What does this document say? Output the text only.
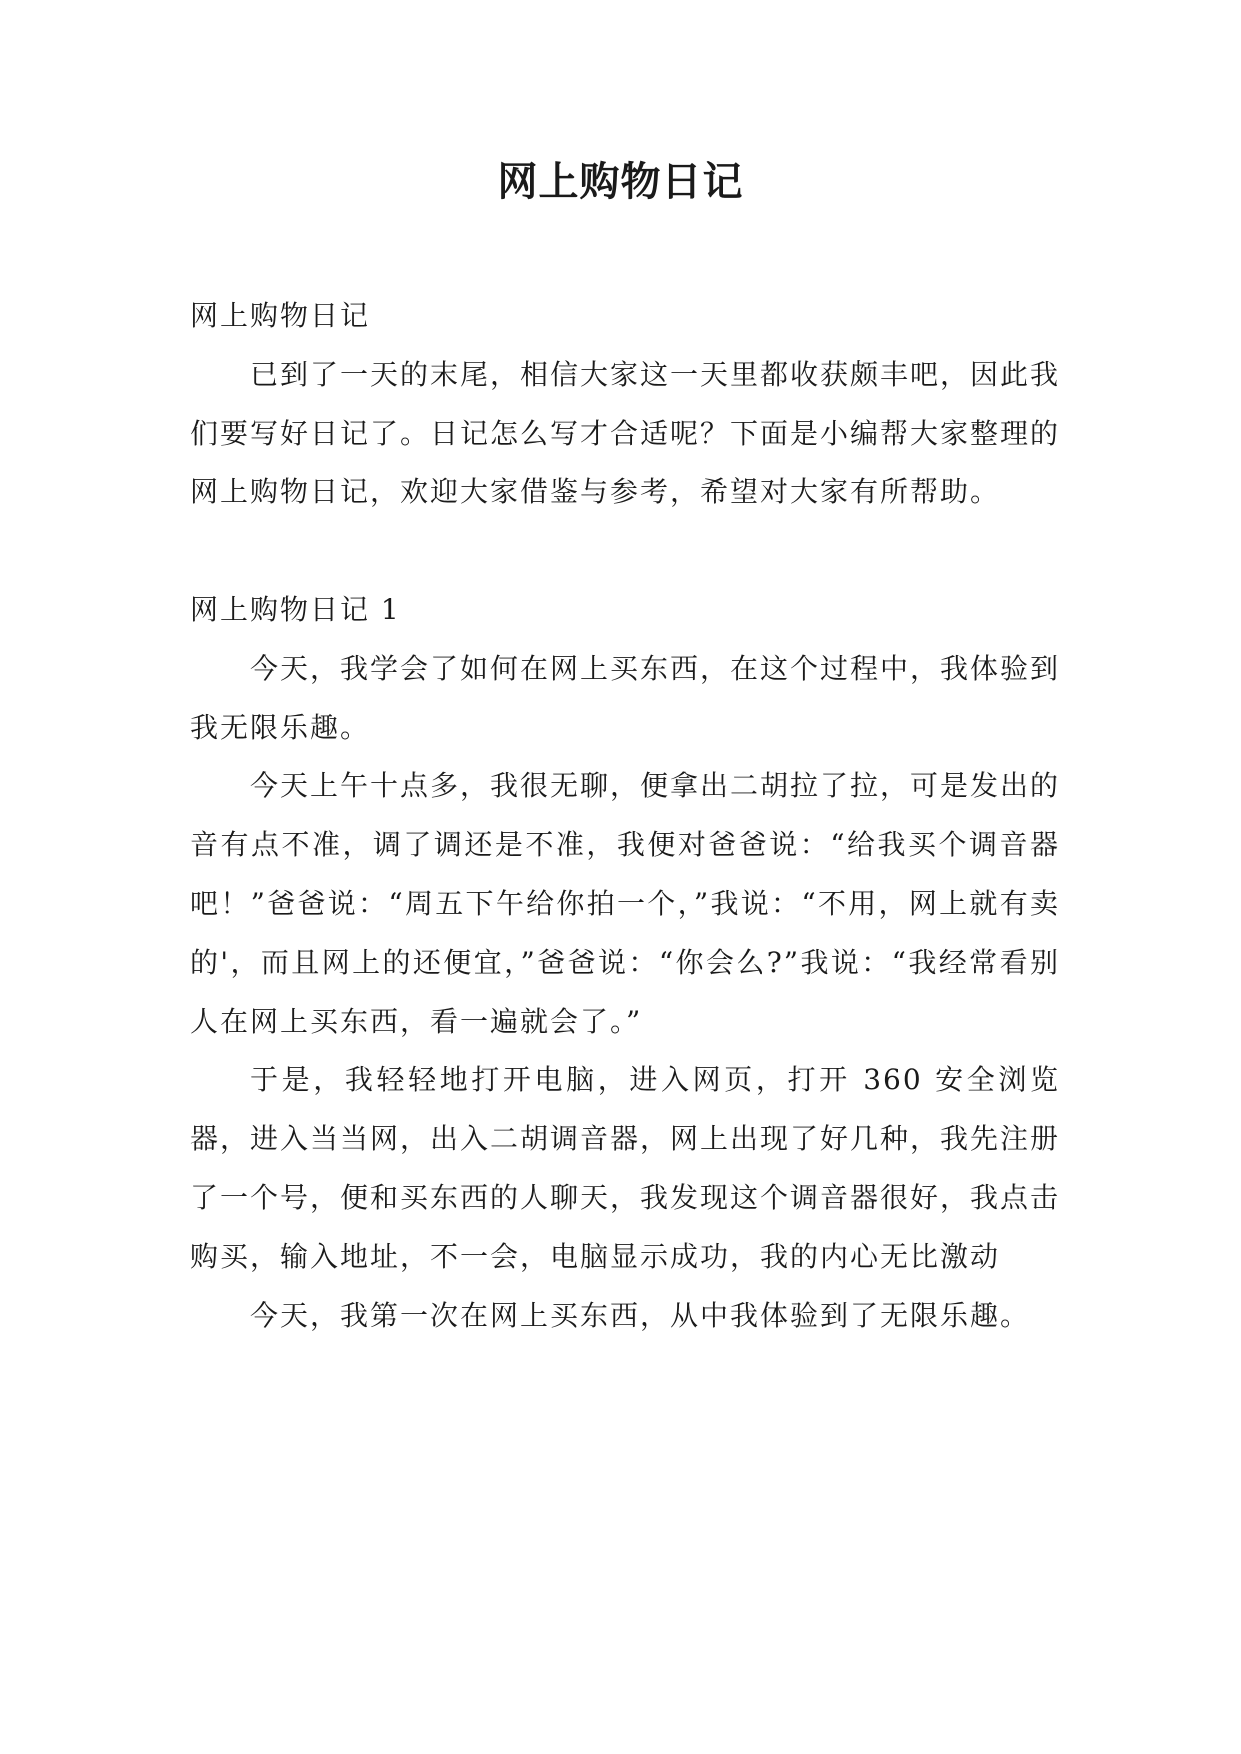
网上购物日记

网上购物日记

已到了一天的末尾，相信大家这一天里都收获颇丰吧，因此我们要写好日记了。日记怎么写才合适呢？下面是小编帮大家整理的网上购物日记，欢迎大家借鉴与参考，希望对大家有所帮助。

网上购物日记 1

今天，我学会了如何在网上买东西，在这个过程中，我体验到我无限乐趣。

今天上午十点多，我很无聊，便拿出二胡拉了拉，可是发出的音有点不准，调了调还是不准，我便对爸爸说：“给我买个调音器吧！”爸爸说：“周五下午给你拍一个，”我说：“不用，网上就有卖的'，而且网上的还便宜，”爸爸说：“你会么?”我说：“我经常看别人在网上买东西，看一遍就会了。”

于是，我轻轻地打开电脑，进入网页，打开 360 安全浏览器，进入当当网，出入二胡调音器，网上出现了好几种，我先注册了一个号，便和买东西的人聊天，我发现这个调音器很好，我点击购买，输入地址，不一会，电脑显示成功，我的内心无比激动

今天，我第一次在网上买东西，从中我体验到了无限乐趣。
